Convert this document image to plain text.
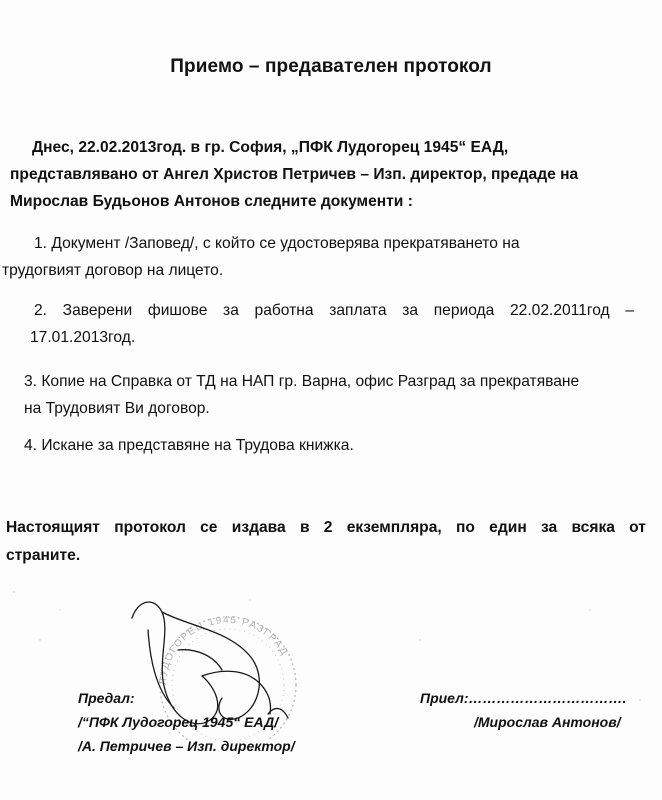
Приемо – предавателен протокол
Днес, 22.02.2013год. в гр. София, „ПФК Лудогорец 1945“ ЕАД,
представлявано от Ангел Христов Петричев – Изп. директор, предаде на
Мирослав Будьонов Антонов следните документи :
1. Документ /Заповед/, с който се удостоверява прекратяването на
трудогвият договор на лицето.
2. Заверени фишове за работна заплата за периода 22.02.2011год –
17.01.2013год.
3. Копие на Справка от ТД на НАП гр. Варна, офис Разград за прекратяване
на Трудовият Ви договор.
4. Искане за представяне на Трудова книжка.
Настоящият протокол се издава в 2 екземпляра, по един за всяка от
страните.
ЛУДОГОРЕЦ 1945 РАЗГРАД
Предал:
/“ПФК Лудогорец 1945“ ЕАД/
/А. Петричев – Изп. директор/
Приел:…………………………….
/Мирослав Антонов/
